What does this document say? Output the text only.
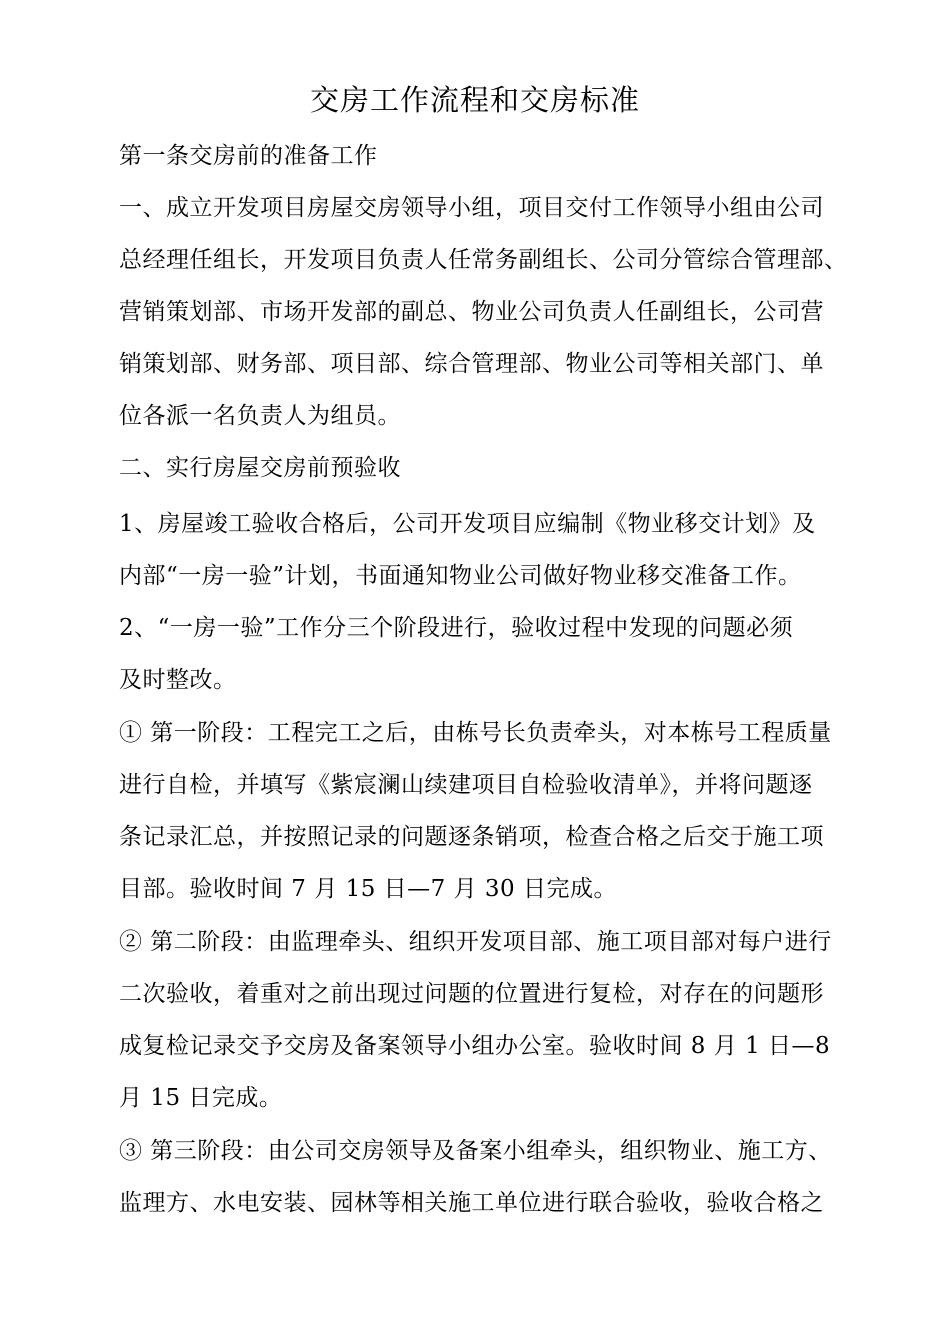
交房工作流程和交房标准
第一条交房前的准备工作
一、成立开发项目房屋交房领导小组，项目交付工作领导小组由公司
总经理任组长，开发项目负责人任常务副组长、公司分管综合管理部、
营销策划部、市场开发部的副总、物业公司负责人任副组长，公司营
销策划部、财务部、项目部、综合管理部、物业公司等相关部门、单
位各派一名负责人为组员。
二、实行房屋交房前预验收
1、房屋竣工验收合格后，公司开发项目应编制《物业移交计划》及
内部“一房一验”计划，书面通知物业公司做好物业移交准备工作。
2、“一房一验”工作分三个阶段进行，验收过程中发现的问题必须
及时整改。
① 第一阶段：工程完工之后，由栋号长负责牵头，对本栋号工程质量
进行自检，并填写《紫宸澜山续建项目自检验收清单》，并将问题逐
条记录汇总，并按照记录的问题逐条销项，检查合格之后交于施工项
目部。验收时间 7 月 15 日—7 月 30 日完成。
② 第二阶段：由监理牵头、组织开发项目部、施工项目部对每户进行
二次验收，着重对之前出现过问题的位置进行复检，对存在的问题形
成复检记录交予交房及备案领导小组办公室。验收时间 8 月 1 日—8
月 15 日完成。
③ 第三阶段：由公司交房领导及备案小组牵头，组织物业、施工方、
监理方、水电安装、园林等相关施工单位进行联合验收，验收合格之
